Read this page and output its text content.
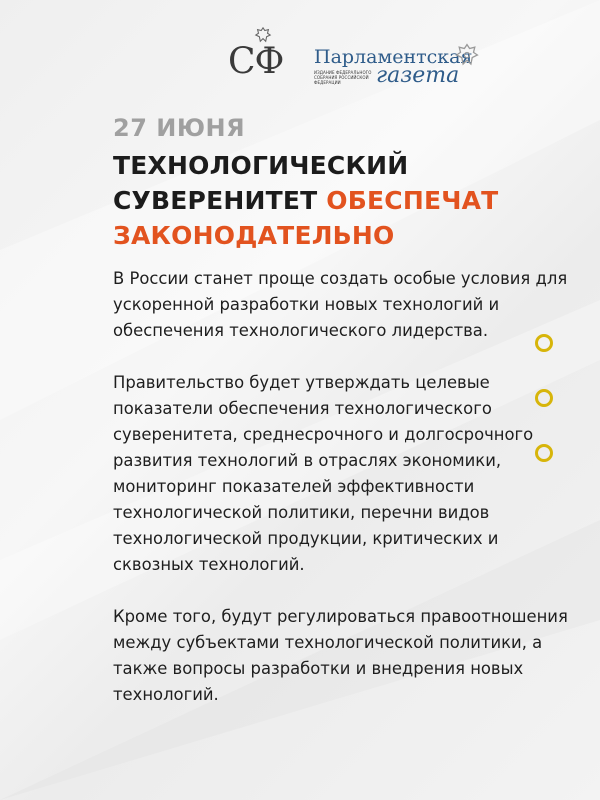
СФ Парламентская
ИЗДАНИЕ ФЕДЕРАЛЬНОГО СОБРАНИЯ РОССИЙСКОЙ ФЕДЕРАЦИИ	газета
27 ИЮНЯ
ТЕХНОЛОГИЧЕСКИЙ
СУВЕРЕНИТЕТ ОБЕСПЕЧАТ
ЗАКОНОДАТЕЛЬНО

В России станет проще создать особые условия для ускоренной разработки новых технологий и обеспечения технологического лидерства.

Правительство будет утверждать целевые показатели обеспечения технологического суверенитета, среднесрочного и долгосрочного развития технологий в отраслях экономики, мониторинг показателей эффективности технологической политики, перечни видов технологической продукции, критических и сквозных технологий.

Кроме того, будут регулироваться правоотношения между субъектами технологической политики, а также вопросы разработки и внедрения новых технологий.
